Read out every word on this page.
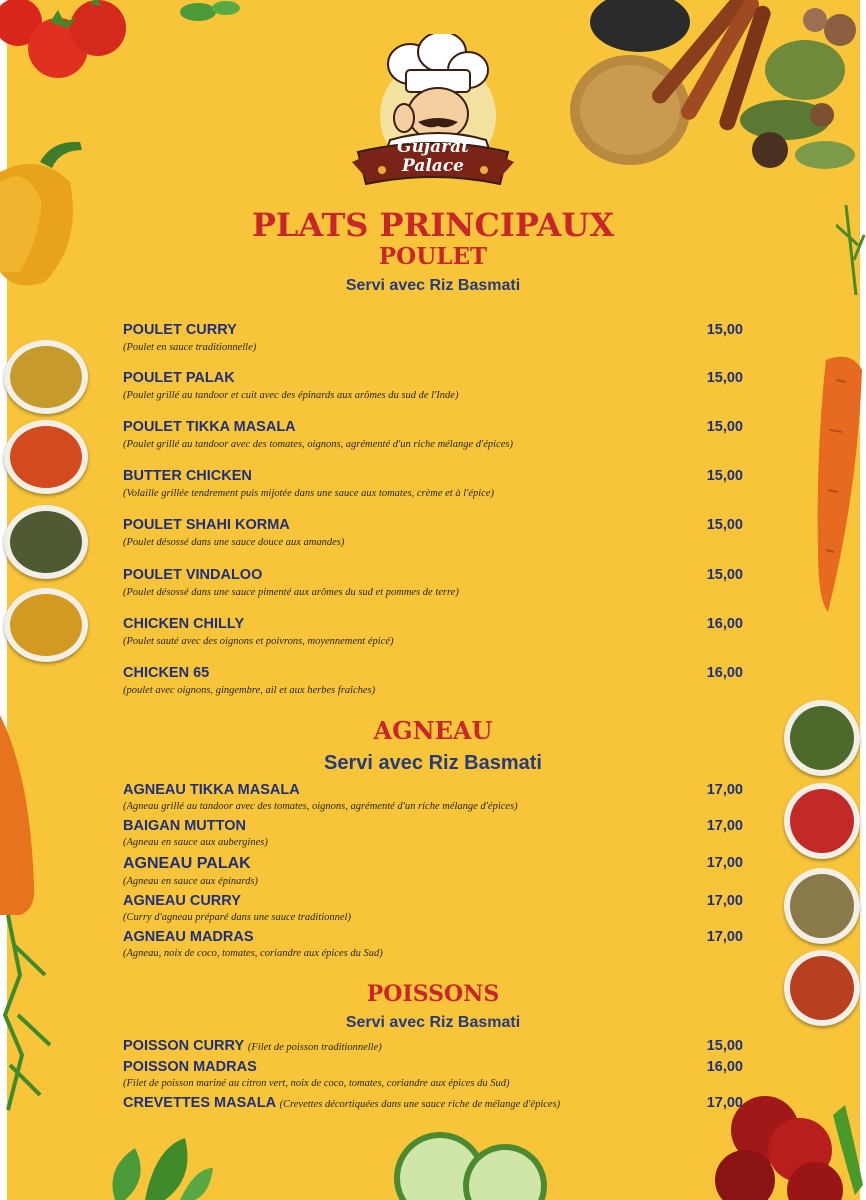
Gujarat
Palace
PLATS PRINCIPAUX
POULET
Servi avec Riz Basmati
POULET CURRY	15,00
(Poulet en sauce traditionnelle)
POULET PALAK	15,00
(Poulet grillé au tandoor et cuit avec des épinards aux arômes du sud de l'Inde)
POULET TIKKA MASALA	15,00
(Poulet grillé au tandoor avec des tomates, oignons, agrémenté d'un riche mélange d'épices)
BUTTER CHICKEN	15,00
(Volaille grillée tendrement puis mijotée dans une sauce aux tomates, crème et à l'épice)
POULET SHAHI KORMA	15,00
(Poulet désossé dans une sauce douce aux amandes)
POULET VINDALOO	15,00
(Poulet désossé dans une sauce pimenté aux arômes du sud et pommes de terre)
CHICKEN CHILLY	16,00
(Poulet sauté avec des oignons et poivrons, moyennement épicé)
CHICKEN 65	16,00
(poulet avec oignons, gingembre, ail et aux herbes fraîches)
AGNEAU
Servi avec Riz Basmati
AGNEAU TIKKA MASALA	17,00
(Agneau grillé au tandoor avec des tomates, oignons, agrémenté d'un riche mélange d'épices)
BAIGAN MUTTON	17,00
(Agneau en sauce aux aubergines)
AGNEAU PALAK	17,00
(Agneau en sauce aux épinards)
AGNEAU CURRY	17,00
(Curry d'agneau préparé dans une sauce traditionnel)
AGNEAU MADRAS	17,00
(Agneau, noix de coco, tomates, coriandre aux épices du Sud)
POISSONS
Servi avec Riz Basmati
POISSON CURRY (Filet de poisson traditionnelle)	15,00
POISSON MADRAS	16,00
(Filet de poisson mariné au citron vert, noix de coco, tomates, coriandre aux épices du Sud)
CREVETTES MASALA (Crevettes décortiquées dans une sauce riche de mélange d'épices)	17,00
